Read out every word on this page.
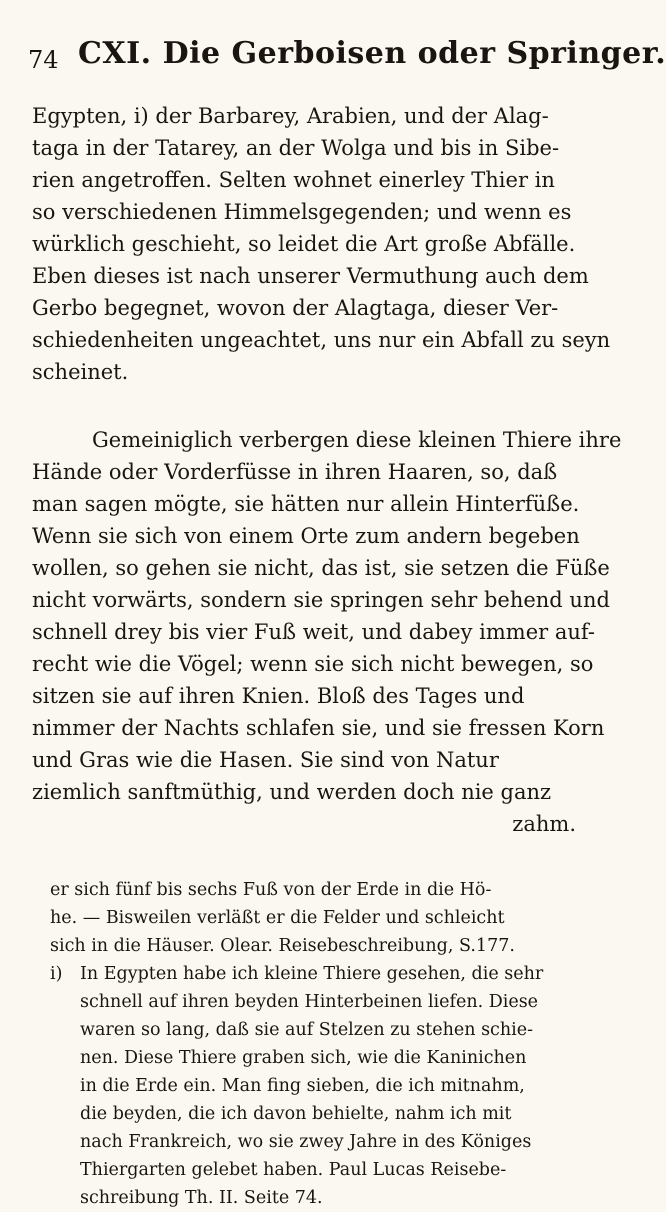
74 CXI. Die Gerboisen oder Springer.
Egypten, i) der Barbarey, Arabien, und der Alag-
taga in der Tatarey, an der Wolga und bis in Sibe-
rien angetroffen. Selten wohnet einerley Thier in
so verschiedenen Himmelsgegenden; und wenn es
würklich geschieht, so leidet die Art große Abfälle.
Eben dieses ist nach unserer Vermuthung auch dem
Gerbo begegnet, wovon der Alagtaga, dieser Ver-
schiedenheiten ungeachtet, uns nur ein Abfall zu seyn
scheinet.
Gemeiniglich verbergen diese kleinen Thiere ihre
Hände oder Vorderfüsse in ihren Haaren, so, daß
man sagen mögte, sie hätten nur allein Hinterfüße.
Wenn sie sich von einem Orte zum andern begeben
wollen, so gehen sie nicht, das ist, sie setzen die Füße
nicht vorwärts, sondern sie springen sehr behend und
schnell drey bis vier Fuß weit, und dabey immer auf-
recht wie die Vögel; wenn sie sich nicht bewegen, so
sitzen sie auf ihren Knien. Bloß des Tages und
nimmer der Nachts schlafen sie, und sie fressen Korn
und Gras wie die Hasen. Sie sind von Natur
ziemlich sanftmüthig, und werden doch nie ganz
zahm.
er sich fünf bis sechs Fuß von der Erde in die Hö-
he. — Bisweilen verläßt er die Felder und schleicht
sich in die Häuser. Olear. Reisebeschreibung, S.177.
i) In Egypten habe ich kleine Thiere gesehen, die sehr
schnell auf ihren beyden Hinterbeinen liefen. Diese
waren so lang, daß sie auf Stelzen zu stehen schie-
nen. Diese Thiere graben sich, wie die Kaninichen
in die Erde ein. Man fing sieben, die ich mitnahm,
die beyden, die ich davon behielte, nahm ich mit
nach Frankreich, wo sie zwey Jahre in des Königes
Thiergarten gelebet haben. Paul Lucas Reisebe-
schreibung Th. II. Seite 74.
